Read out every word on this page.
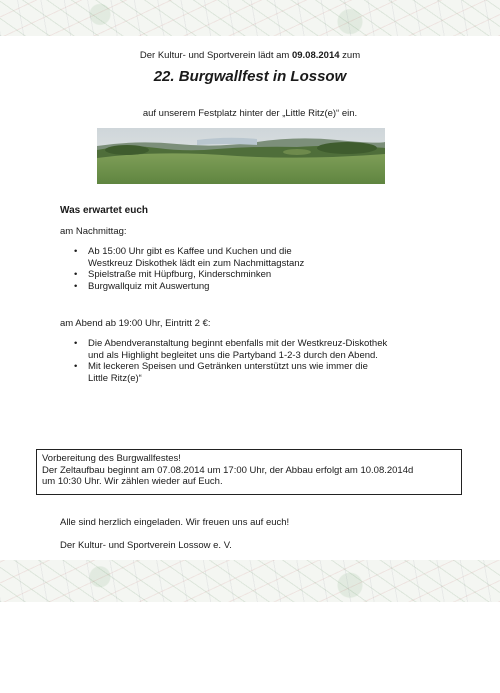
Der Kultur- und Sportverein lädt am 09.08.2014 zum
22. Burgwallfest in Lossow
auf unserem Festplatz hinter der „Little Ritz(e)“ ein.
Was erwartet euch
am Nachmittag:
• Ab 15:00 Uhr gibt es Kaffee und Kuchen und die
Westkreuz Diskothek lädt ein zum Nachmittagstanz
• Spielstraße mit Hüpfburg, Kinderschminken
• Burgwallquiz mit Auswertung
am Abend ab 19:00 Uhr, Eintritt 2 €:
• Die Abendveranstaltung beginnt ebenfalls mit der Westkreuz-Diskothek
und als Highlight begleitet uns die Partyband 1-2-3 durch den Abend.
• Mit leckeren Speisen und Getränken unterstützt uns wie immer die
Little Ritz(e)“
Vorbereitung des Burgwallfestes!
Der Zeltaufbau beginnt am 07.08.2014 um 17:00 Uhr, der Abbau erfolgt am 10.08.2014d
um 10:30 Uhr. Wir zählen wieder auf Euch.
Alle sind herzlich eingeladen. Wir freuen uns auf euch!
Der Kultur- und Sportverein Lossow e. V.
